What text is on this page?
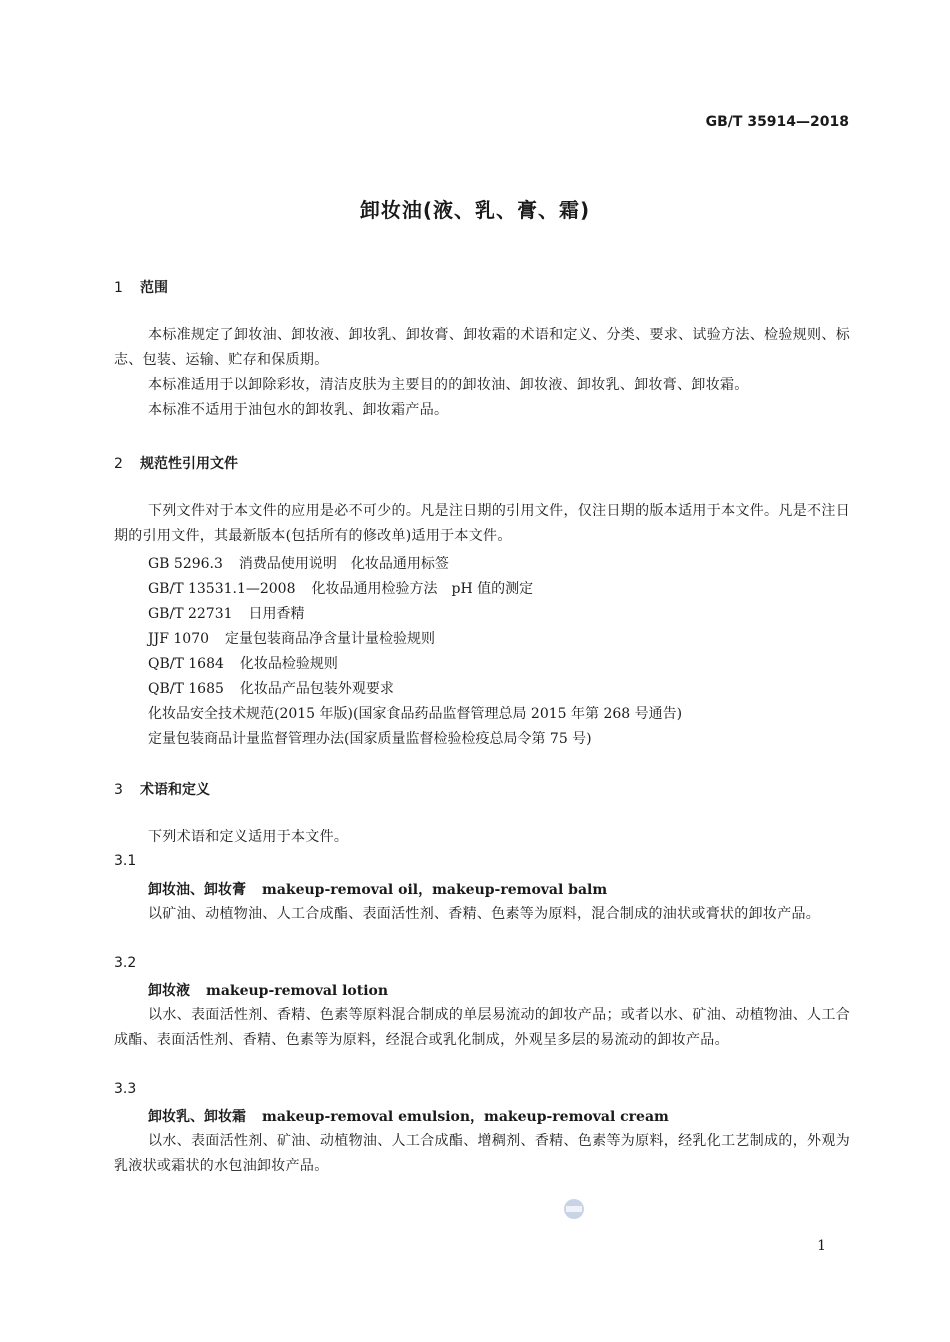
GB/T 35914—2018
卸妆油(液、乳、膏、霜)
1 范围
本标准规定了卸妆油、卸妆液、卸妆乳、卸妆膏、卸妆霜的术语和定义、分类、要求、试验方法、检验规则、标志、包装、运输、贮存和保质期。
本标准适用于以卸除彩妆，清洁皮肤为主要目的的卸妆油、卸妆液、卸妆乳、卸妆膏、卸妆霜。
本标准不适用于油包水的卸妆乳、卸妆霜产品。
2 规范性引用文件
下列文件对于本文件的应用是必不可少的。凡是注日期的引用文件，仅注日期的版本适用于本文件。凡是不注日期的引用文件，其最新版本(包括所有的修改单)适用于本文件。
GB 5296.3 消费品使用说明　化妆品通用标签
GB/T 13531.1—2008 化妆品通用检验方法　pH 值的测定
GB/T 22731 日用香精
JJF 1070 定量包装商品净含量计量检验规则
QB/T 1684 化妆品检验规则
QB/T 1685 化妆品产品包装外观要求
化妆品安全技术规范(2015 年版)(国家食品药品监督管理总局 2015 年第 268 号通告)
定量包装商品计量监督管理办法(国家质量监督检验检疫总局令第 75 号)
3 术语和定义
下列术语和定义适用于本文件。
3.1
卸妆油、卸妆膏 makeup-removal oil，makeup-removal balm
以矿油、动植物油、人工合成酯、表面活性剂、香精、色素等为原料，混合制成的油状或膏状的卸妆产品。
3.2
卸妆液 makeup-removal lotion
以水、表面活性剂、香精、色素等原料混合制成的单层易流动的卸妆产品；或者以水、矿油、动植物油、人工合成酯、表面活性剂、香精、色素等为原料，经混合或乳化制成，外观呈多层的易流动的卸妆产品。
3.3
卸妆乳、卸妆霜 makeup-removal emulsion，makeup-removal cream
以水、表面活性剂、矿油、动植物油、人工合成酯、增稠剂、香精、色素等为原料，经乳化工艺制成的，外观为乳液状或霜状的水包油卸妆产品。
1
